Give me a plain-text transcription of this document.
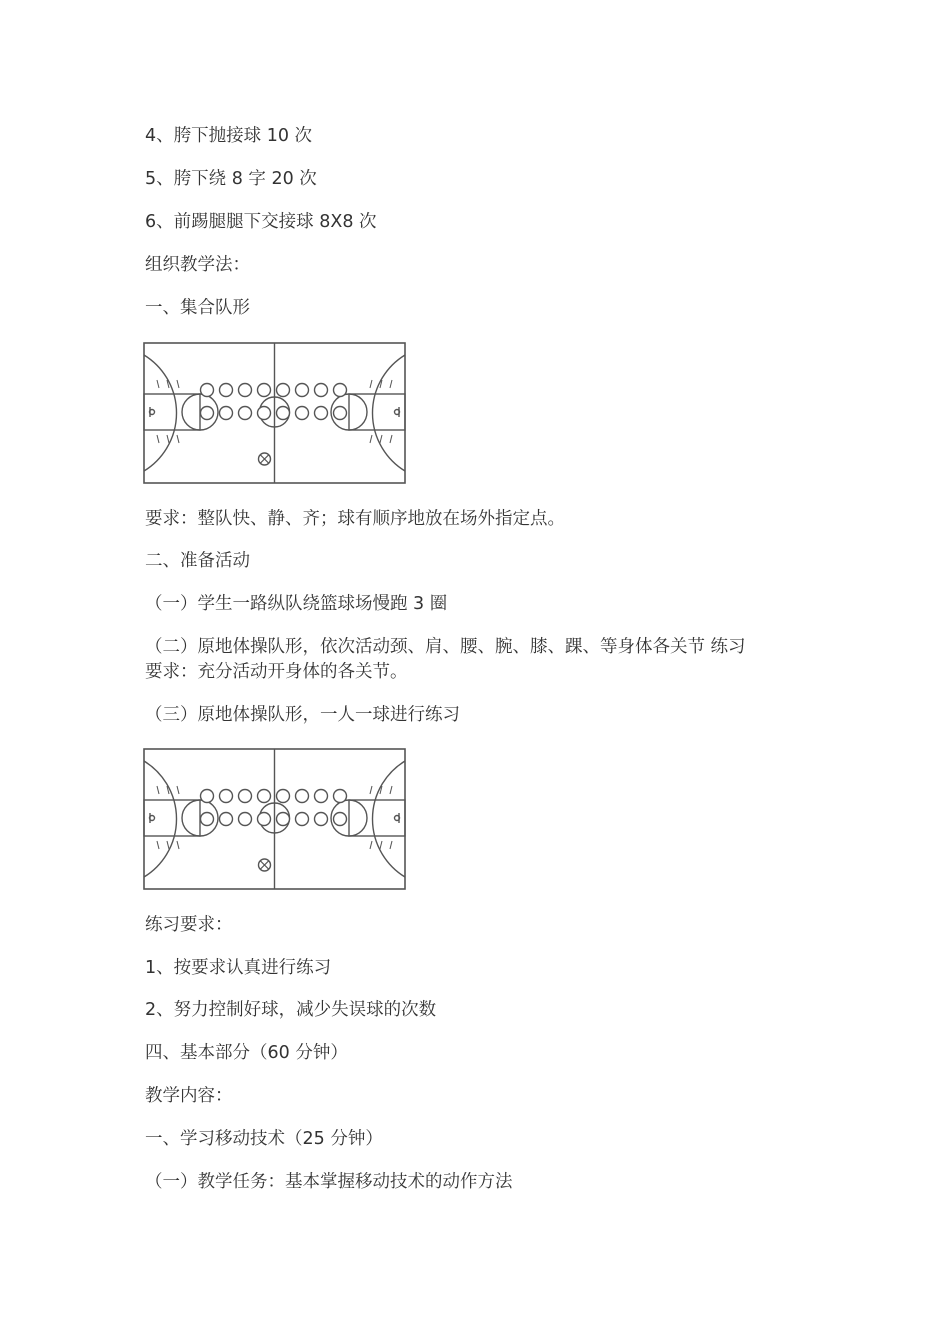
4、胯下抛接球 10 次
5、胯下绕 8 字 20 次
6、前踢腿腿下交接球 8X8 次
组织教学法：
一、集合队形
要求：整队快、静、齐；球有顺序地放在场外指定点。
二、准备活动
（一）学生一路纵队绕篮球场慢跑 3 圈
（二）原地体操队形，依次活动颈、肩、腰、腕、膝、踝、等身体各关节 练习
要求：充分活动开身体的各关节。
（三）原地体操队形，一人一球进行练习
练习要求：
1、按要求认真进行练习
2、努力控制好球，减少失误球的次数
四、基本部分（60 分钟）
教学内容：
一、学习移动技术（25 分钟）
（一）教学任务：基本掌握移动技术的动作方法
